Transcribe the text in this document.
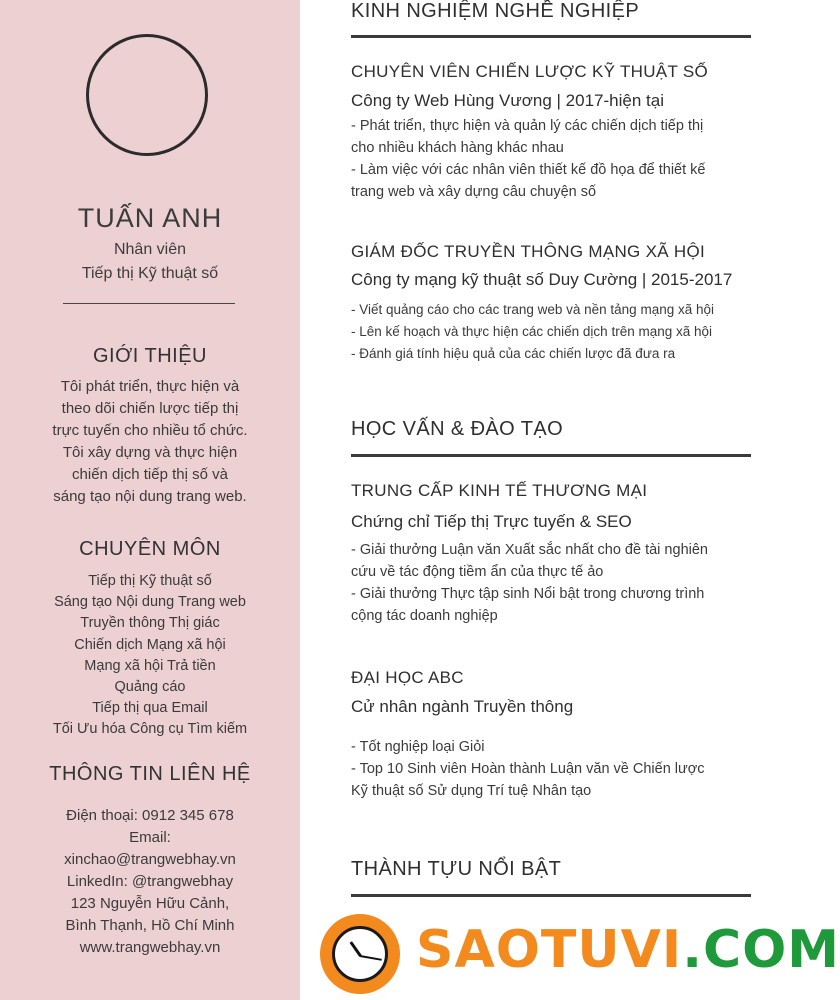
TUẤN ANH
Nhân viên
Tiếp thị Kỹ thuật số
GIỚI THIỆU
Tôi phát triển, thực hiện và
theo dõi chiến lược tiếp thị
trực tuyến cho nhiều tổ chức.
Tôi xây dựng và thực hiện
chiến dịch tiếp thị số và
sáng tạo nội dung trang web.
CHUYÊN MÔN
Tiếp thị Kỹ thuật số
Sáng tạo Nội dung Trang web
Truyền thông Thị giác
Chiến dịch Mạng xã hội
Mạng xã hội Trả tiền
Quảng cáo
Tiếp thị qua Email
Tối Ưu hóa Công cụ Tìm kiếm
THÔNG TIN LIÊN HỆ
Điện thoại: 0912 345 678
Email:
xinchao@trangwebhay.vn
LinkedIn: @trangwebhay
123 Nguyễn Hữu Cảnh,
Bình Thạnh, Hồ Chí Minh
www.trangwebhay.vn
KINH NGHIỆM NGHỀ NGHIỆP
CHUYÊN VIÊN CHIẾN LƯỢC KỸ THUẬT SỐ
Công ty Web Hùng Vương | 2017-hiện tại
- Phát triển, thực hiện và quản lý các chiến dịch tiếp thị
cho nhiều khách hàng khác nhau
- Làm việc với các nhân viên thiết kế đồ họa để thiết kế
trang web và xây dựng câu chuyện số
GIÁM ĐỐC TRUYỀN THÔNG MẠNG XÃ HỘI
Công ty mạng kỹ thuật số Duy Cường | 2015-2017
- Viết quảng cáo cho các trang web và nền tảng mạng xã hội
- Lên kế hoạch và thực hiện các chiến dịch trên mạng xã hội
- Đánh giá tính hiệu quả của các chiến lược đã đưa ra
HỌC VẤN & ĐÀO TẠO
TRUNG CẤP KINH TẾ THƯƠNG MẠI
Chứng chỉ Tiếp thị Trực tuyến & SEO
- Giải thưởng Luận văn Xuất sắc nhất cho đề tài nghiên
cứu về tác động tiềm ẩn của thực tế ảo
- Giải thưởng Thực tập sinh Nổi bật trong chương trình
cộng tác doanh nghiệp
ĐẠI HỌC ABC
Cử nhân ngành Truyền thông
- Tốt nghiệp loại Giỏi
- Top 10 Sinh viên Hoàn thành Luận văn về Chiến lược
Kỹ thuật số Sử dụng Trí tuệ Nhân tạo
THÀNH TỰU NỔI BẬT
SAOTUVI.COM
